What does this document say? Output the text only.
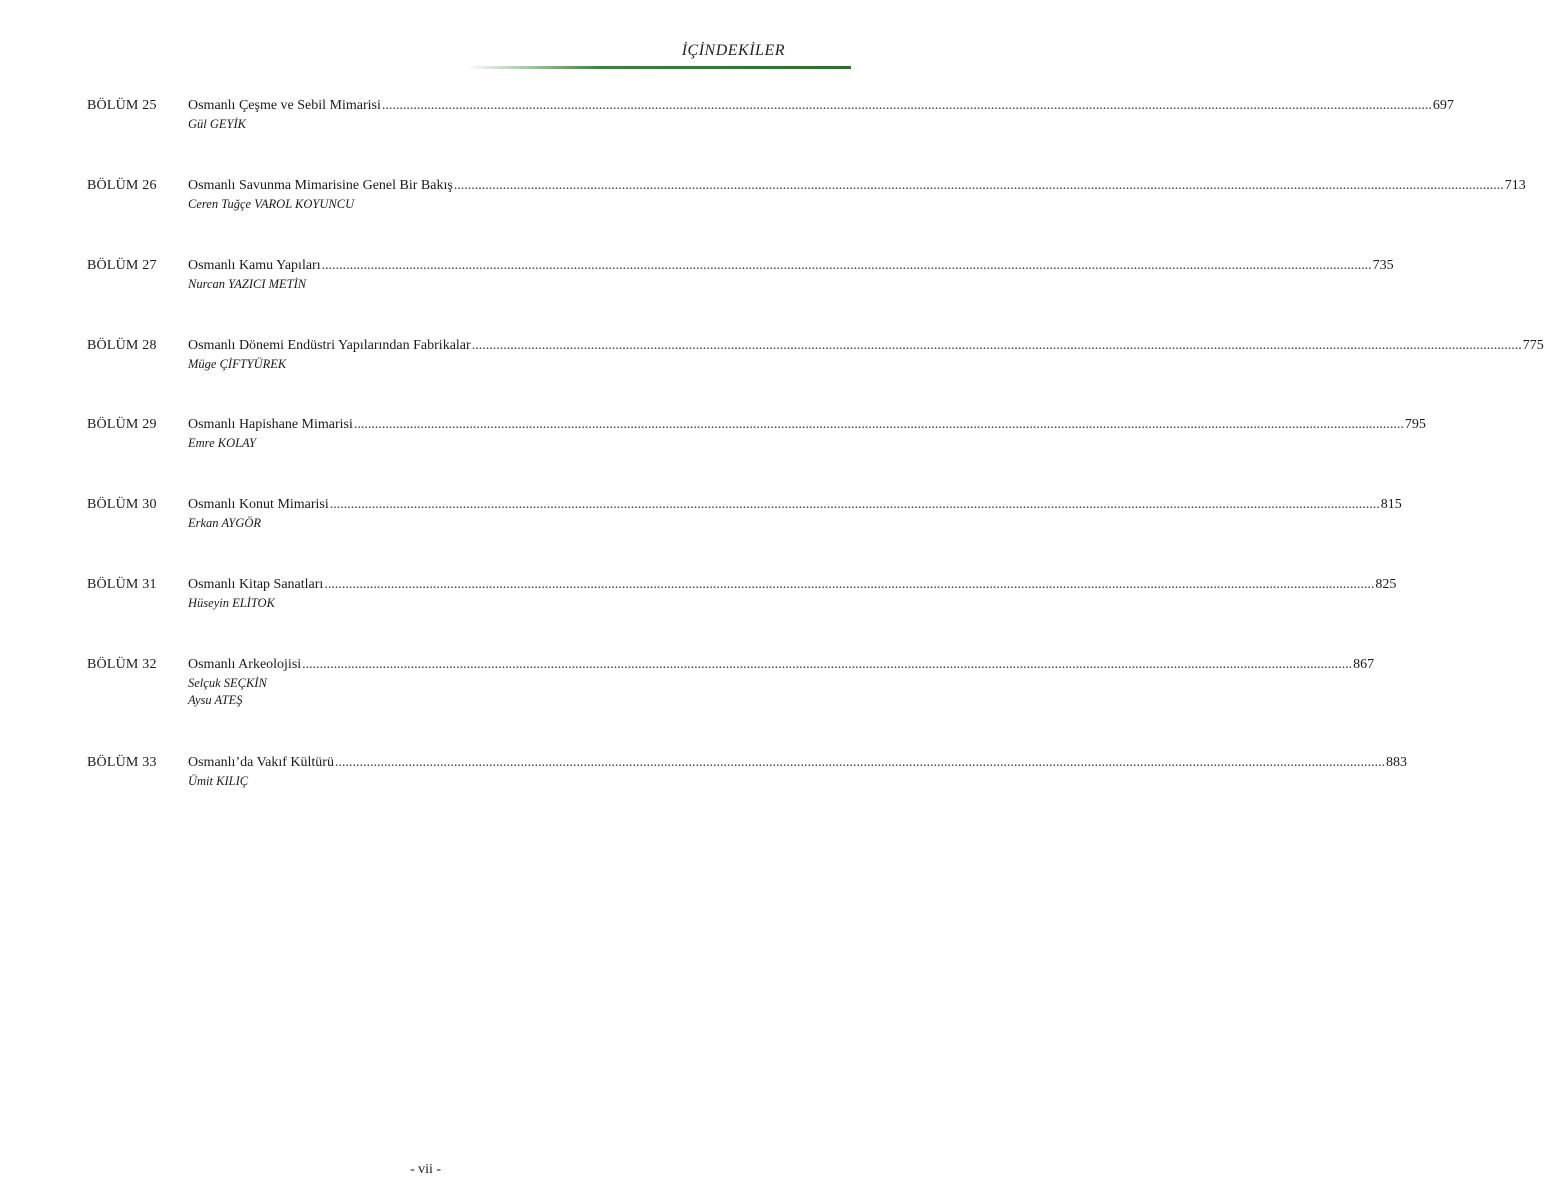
İÇİNDEKİLER
BÖLÜM 25 Osmanlı Çeşme ve Sebil Mimarisi ............................................................................................................................................................................................................................................................................................................ 697
Gül GEYİK
BÖLÜM 26 Osmanlı Savunma Mimarisine Genel Bir Bakış ............................................................................................................................................................................................................................................................................................................ 713
Ceren Tuğçe VAROL KOYUNCU
BÖLÜM 27 Osmanlı Kamu Yapıları ............................................................................................................................................................................................................................................................................................................ 735
Nurcan YAZICI METİN
BÖLÜM 28 Osmanlı Dönemi Endüstri Yapılarından Fabrikalar ............................................................................................................................................................................................................................................................................................................ 775
Müge ÇİFTYÜREK
BÖLÜM 29 Osmanlı Hapishane Mimarisi ............................................................................................................................................................................................................................................................................................................ 795
Emre KOLAY
BÖLÜM 30 Osmanlı Konut Mimarisi ............................................................................................................................................................................................................................................................................................................ 815
Erkan AYGÖR
BÖLÜM 31 Osmanlı Kitap Sanatları ............................................................................................................................................................................................................................................................................................................ 825
Hüseyin ELİTOK
BÖLÜM 32 Osmanlı Arkeolojisi ............................................................................................................................................................................................................................................................................................................ 867
Selçuk SEÇKİN
Aysu ATEŞ
BÖLÜM 33 Osmanlı’da Vakıf Kültürü ............................................................................................................................................................................................................................................................................................................ 883
Ümit KILIÇ
- vii -
